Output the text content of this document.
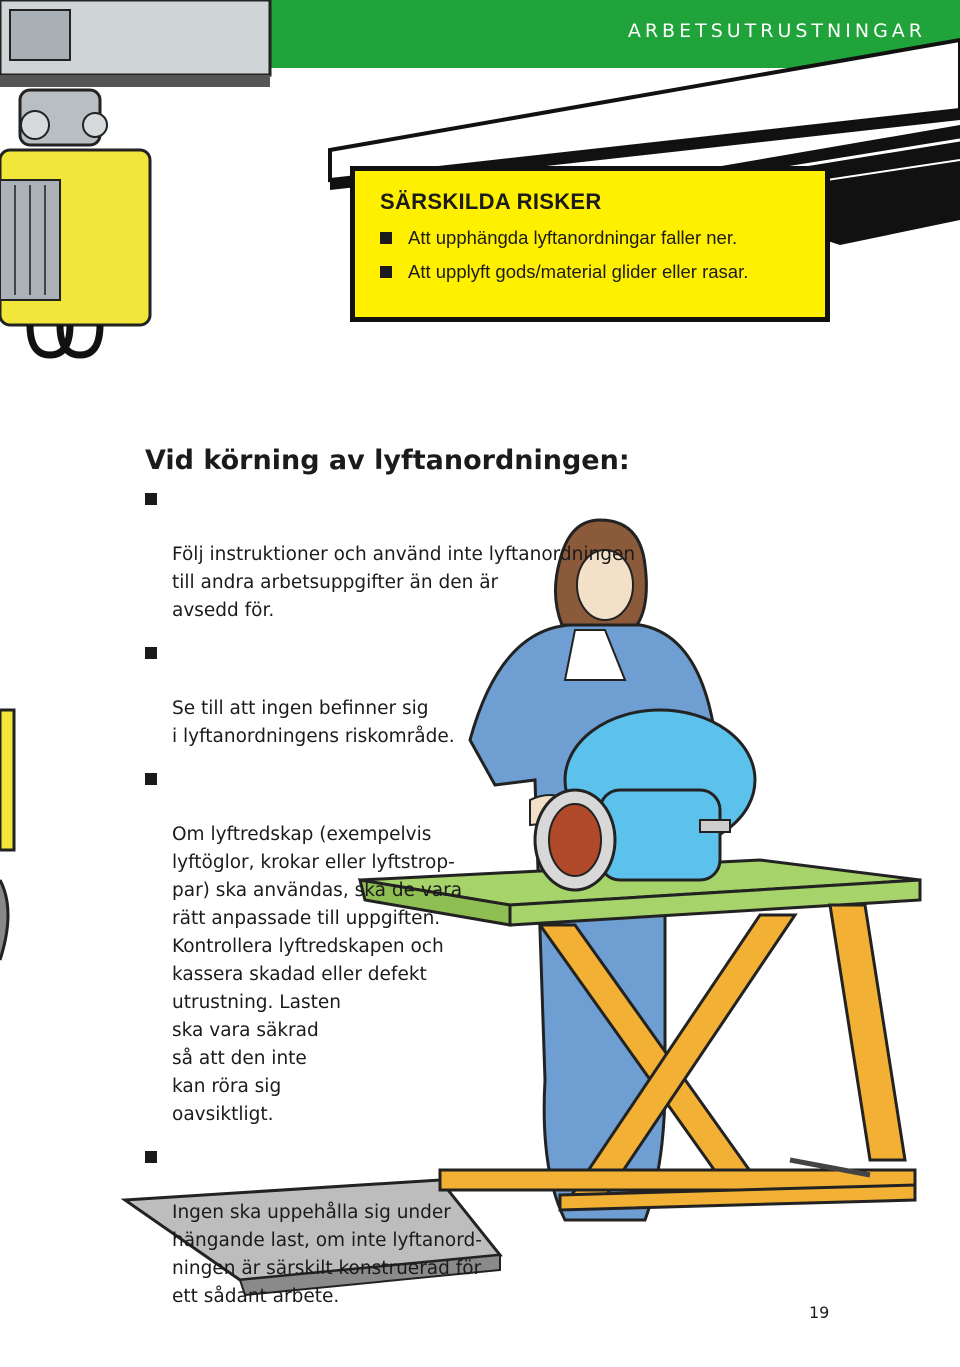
ARBETSUTRUSTNINGAR
SÄRSKILDA RISKER
Att upphängda lyftanordningar faller ner.
Att upplyft gods/material glider eller rasar.
Vid körning av lyftanordningen:

Följ instruktioner och använd inte lyftanordningen
till andra arbetsuppgifter än den är
avsedd för.

Se till att ingen befinner sig
i lyftanordningens riskområde.

Om lyftredskap (exempelvis
lyftöglor, krokar eller lyftstrop-
par) ska användas, ska de vara
rätt anpassade till uppgiften.
Kontrollera lyftredskapen och
kassera skadad eller defekt
utrustning. Lasten
ska vara säkrad
så att den inte
kan röra sig
oavsiktligt.

Ingen ska uppehålla sig under
hängande last, om inte lyftanord-
ningen är särskilt konstruerad för
ett sådant arbete.

19
